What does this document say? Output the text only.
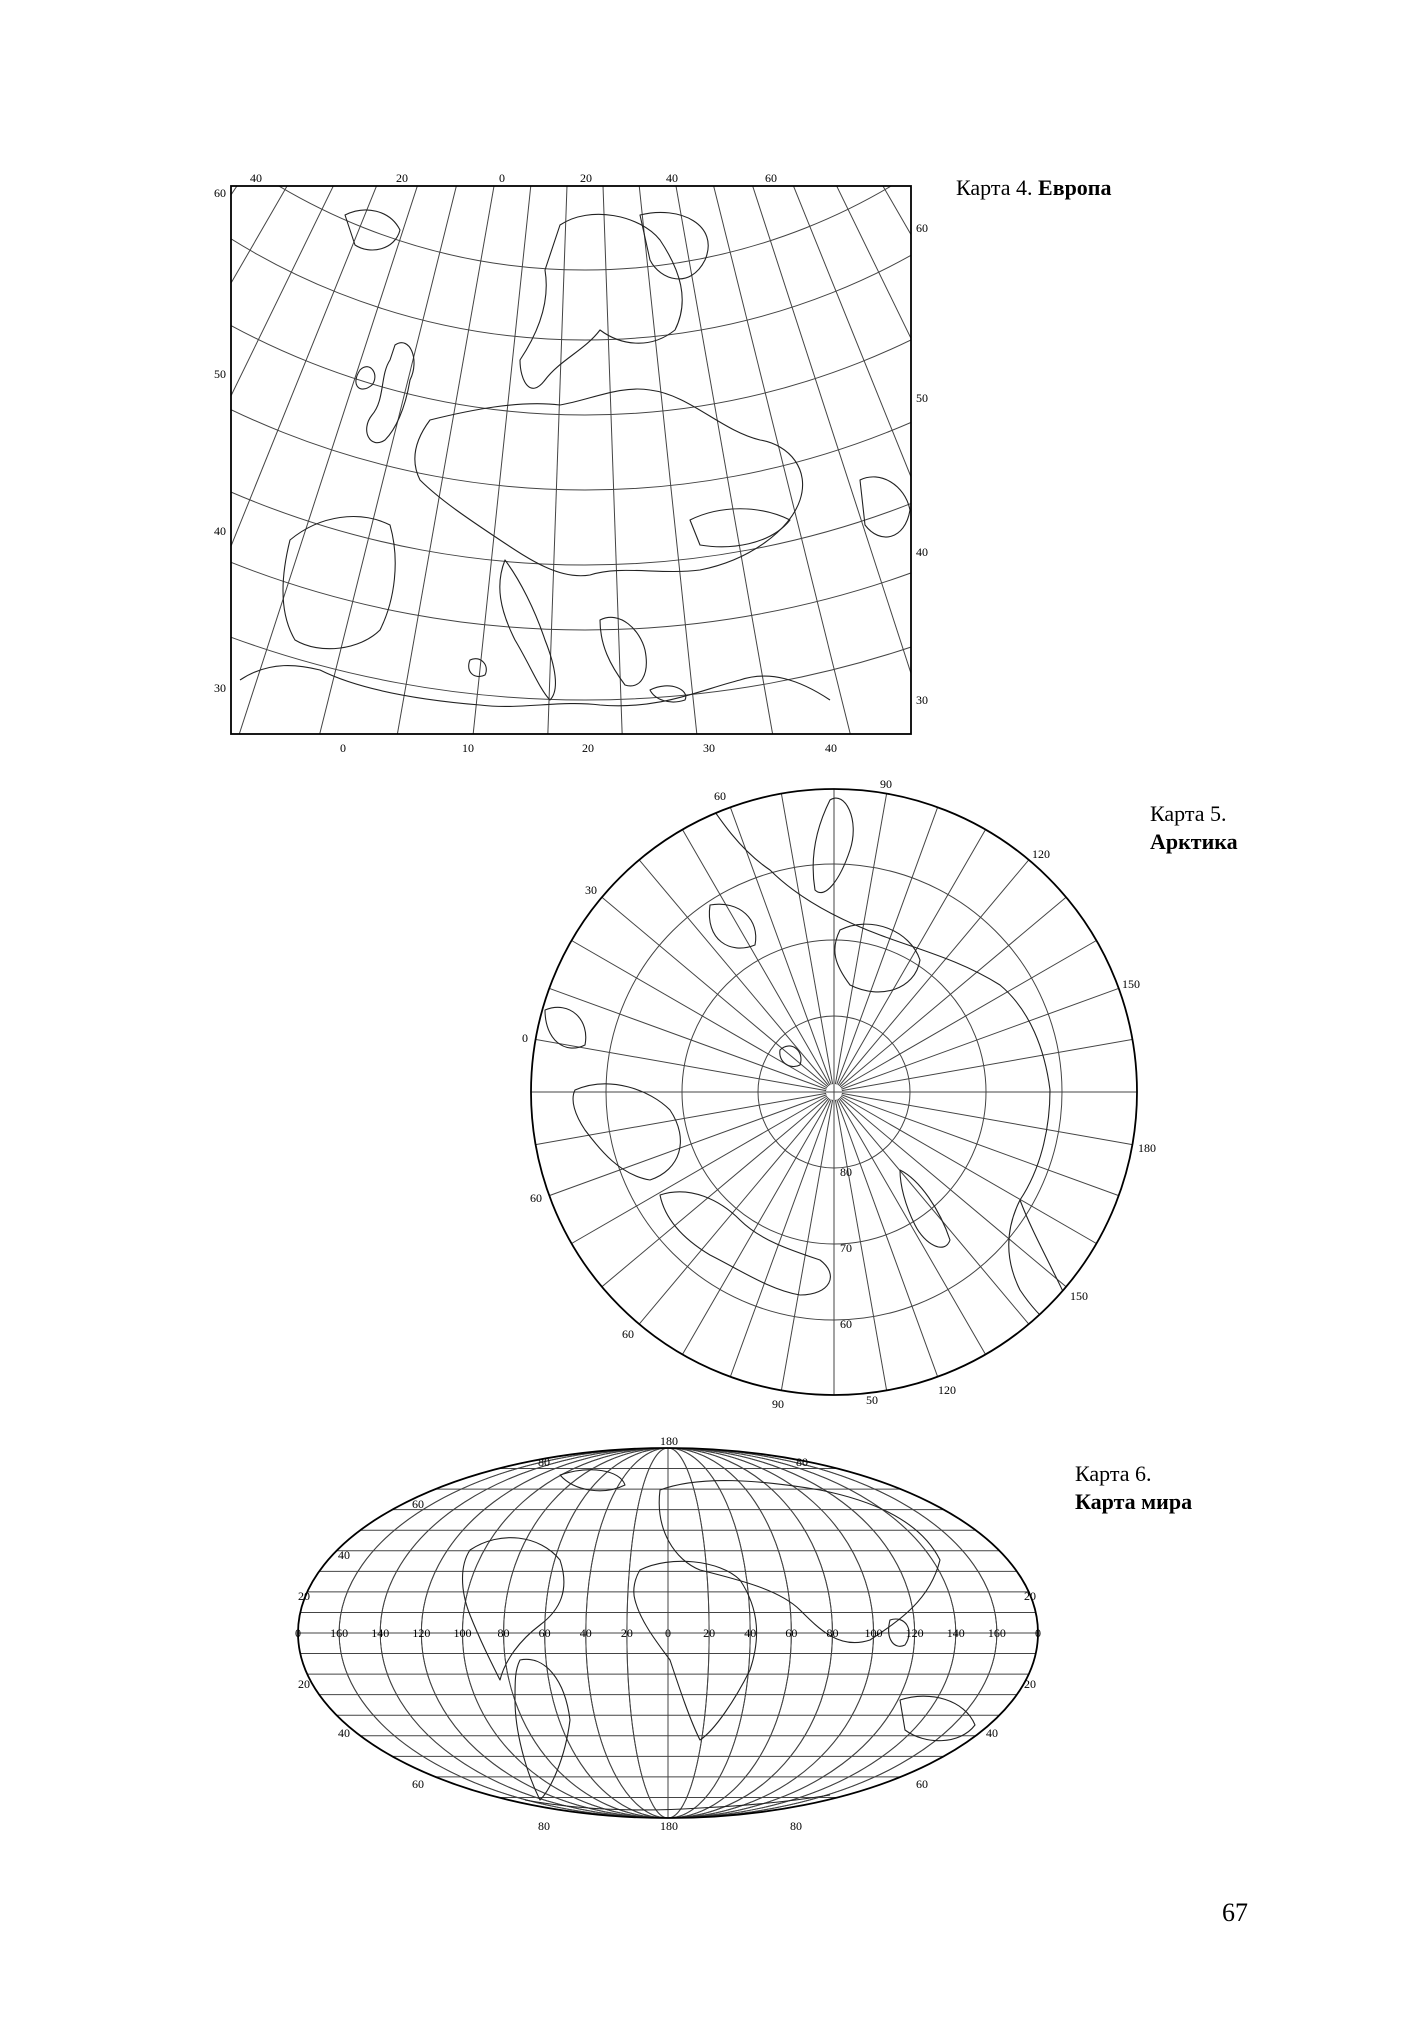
Карта 4. Европа
Карта 5.
Арктика
Карта 6.
Карта мира
67
40	20	0	20	40	60
0	10	20	30	40
60
50
40
30
60
50
40
30
90
120
150
180
150
120
90
60
60
0
30
60
80
70
60
50
180
180
0 160 140 120 100 80 60 40 20	0	20 40 60 80 100 120 140 160 0
80
60
40
20
20
40
60
80
80
20
20
40
60
80
